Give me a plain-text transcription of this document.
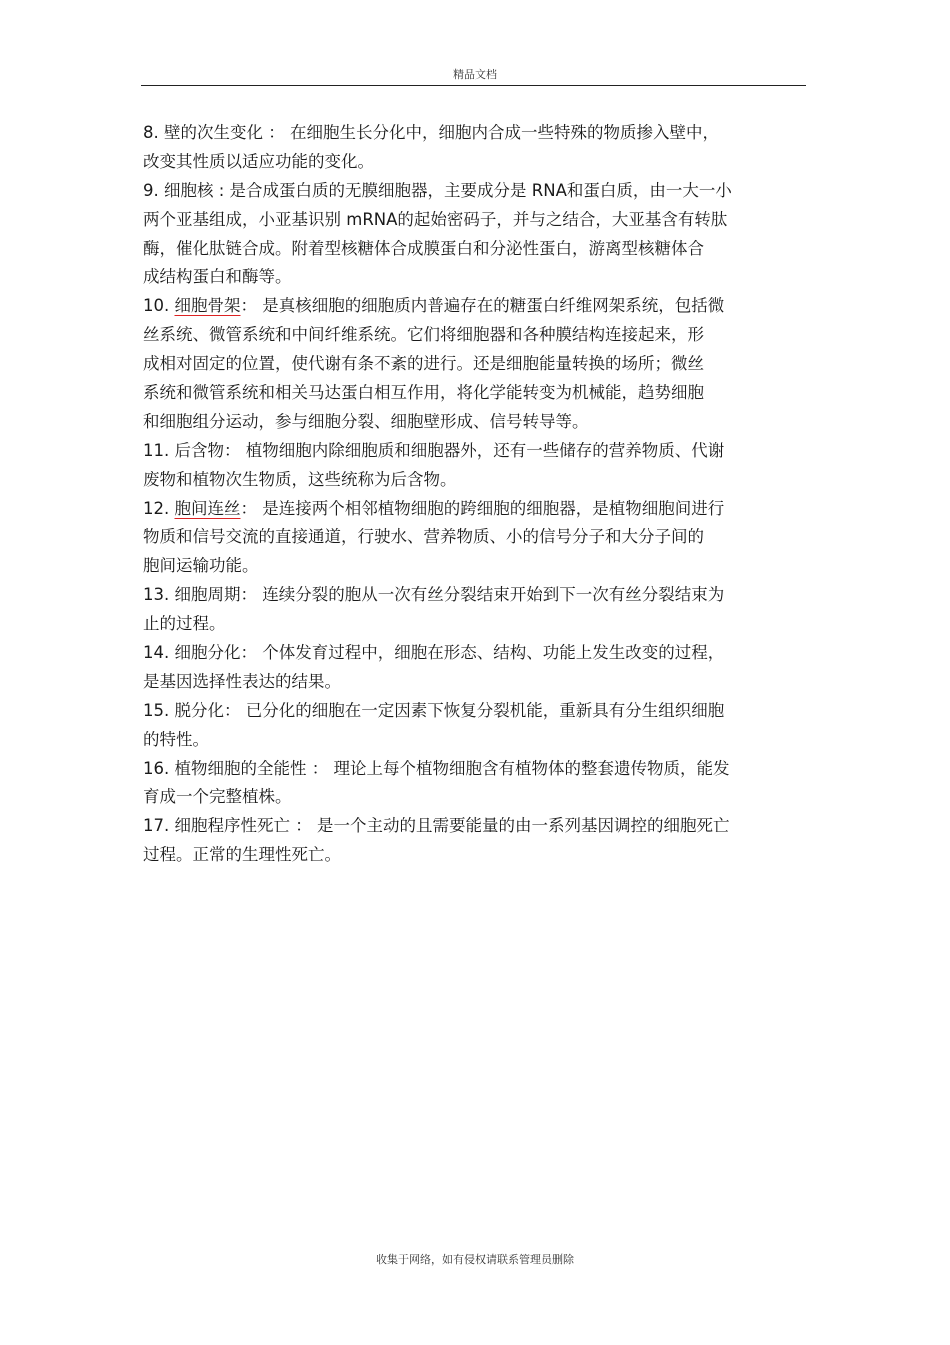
精品文档
8. 壁的次生变化 ： 在细胞生长分化中，细胞内合成一些特殊的物质掺入壁中，
改变其性质以适应功能的变化。
9. 细胞核 : 是合成蛋白质的无膜细胞器，主要成分是 RNA和蛋白质，由一大一小
两个亚基组成，小亚基识别 mRNA的起始密码子，并与之结合，大亚基含有转肽
酶，催化肽链合成。附着型核糖体合成膜蛋白和分泌性蛋白，游离型核糖体合
成结构蛋白和酶等。
10. 细胞骨架： 是真核细胞的细胞质内普遍存在的糖蛋白纤维网架系统，包括微
丝系统、微管系统和中间纤维系统。它们将细胞器和各种膜结构连接起来，形
成相对固定的位置，使代谢有条不紊的进行。还是细胞能量转换的场所；微丝
系统和微管系统和相关马达蛋白相互作用，将化学能转变为机械能，趋势细胞
和细胞组分运动，参与细胞分裂、细胞壁形成、信号转导等。
11. 后含物： 植物细胞内除细胞质和细胞器外，还有一些储存的营养物质、代谢
废物和植物次生物质，这些统称为后含物。
12. 胞间连丝： 是连接两个相邻植物细胞的跨细胞的细胞器，是植物细胞间进行
物质和信号交流的直接通道，行驶水、营养物质、小的信号分子和大分子间的
胞间运输功能。
13. 细胞周期： 连续分裂的胞从一次有丝分裂结束开始到下一次有丝分裂结束为
止的过程。
14. 细胞分化： 个体发育过程中，细胞在形态、结构、功能上发生改变的过程，
是基因选择性表达的结果。
15. 脱分化： 已分化的细胞在一定因素下恢复分裂机能，重新具有分生组织细胞
的特性。
16. 植物细胞的全能性 ： 理论上每个植物细胞含有植物体的整套遗传物质，能发
育成一个完整植株。
17. 细胞程序性死亡 ： 是一个主动的且需要能量的由一系列基因调控的细胞死亡
过程。正常的生理性死亡。
收集于网络，如有侵权请联系管理员删除
